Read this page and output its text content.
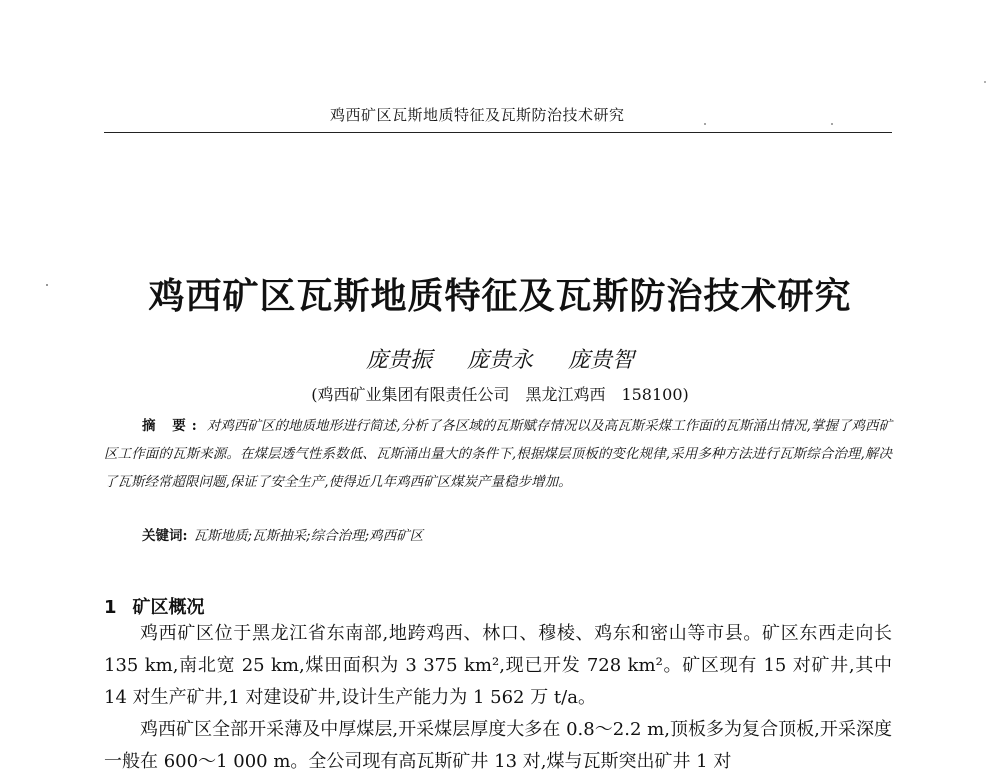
鸡西矿区瓦斯地质特征及瓦斯防治技术研究
鸡西矿区瓦斯地质特征及瓦斯防治技术研究
庞贵振 庞贵永 庞贵智
(鸡西矿业集团有限责任公司　黑龙江鸡西　158100)
摘 要: 对鸡西矿区的地质地形进行简述,分析了各区域的瓦斯赋存情况以及高瓦斯采煤工作面的瓦斯涌出情况,掌握了鸡西矿区工作面的瓦斯来源。在煤层透气性系数低、瓦斯涌出量大的条件下,根据煤层顶板的变化规律,采用多种方法进行瓦斯综合治理,解决了瓦斯经常超限问题,保证了安全生产,使得近几年鸡西矿区煤炭产量稳步增加。
关键词: 瓦斯地质;瓦斯抽采;综合治理;鸡西矿区
1 矿区概况

鸡西矿区位于黑龙江省东南部,地跨鸡西、林口、穆棱、鸡东和密山等市县。矿区东西走向长 135 km,南北宽 25 km,煤田面积为 3 375 km²,现已开发 728 km²。矿区现有 15 对矿井,其中 14 对生产矿井,1 对建设矿井,设计生产能力为 1 562 万 t/a。

鸡西矿区全部开采薄及中厚煤层,开采煤层厚度大多在 0.8～2.2 m,顶板多为复合顶板,开采深度一般在 600～1 000 m。全公司现有高瓦斯矿井 13 对,煤与瓦斯突出矿井 1 对
